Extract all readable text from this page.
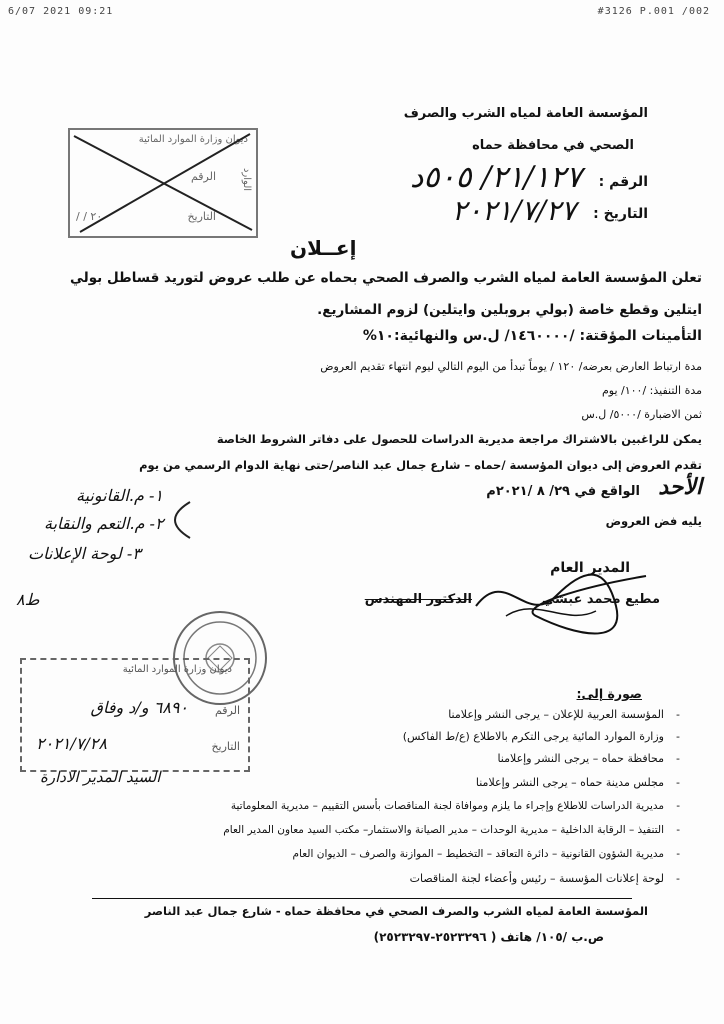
6/07 2021 09:21	#3126 P.001 /002
المؤسسة العامة لمياه الشرب والصرف
الصحي في محافظة حماه
الرقم :
٢١/١٢٧/ ٥٠٥د
التاريخ :
٢٠٢١/٧/٢٧
ديوان وزارة الموارد المائية
الرقم
التاريخ
/ / ٢٠
الوارد
إعــلان
تعلن المؤسسة العامة لمياه الشرب والصرف الصحي بحماه عن طلب عروض لتوريد قساطل بولي
ايتلين وقطع خاصة (بولي بروبلين وايتلين) لزوم المشاريع.
التأمينات المؤقتة: /١٤٦٠٠٠٠/ ل.س والنهائية:١٠%
مدة ارتباط العارض بعرضه/ ١٢٠ / يوماً تبدأ من اليوم التالي ليوم انتهاء تقديم العروض
مدة التنفيذ: /١٠٠/ يوم
ثمن الاضبارة /٥٠٠٠/ ل.س
يمكن للراغبين بالاشتراك مراجعة مديرية الدراسات للحصول على دفاتر الشروط الخاصة
تقدم العروض إلى ديوان المؤسسة /حماه – شارع جمال عبد الناصر/حتى نهاية الدوام الرسمي من يوم
الأحد
الواقع في ٢٩/ ٨ /٢٠٢١م
يليه فض العروض
١- م.القانونية
٢- م.التعم والنقابة
٣- لوحة الإعلانات
ط٨
المدير العام
الدكتور المهندس	مطيع محمد عبشي
ديوان وزارة الموارد المائية
الرقم
٦٨٩٠ و/د وفاق
التاريخ
٢٠٢١/٧/٢٨
السيد المدير الادارة
صورة إلى:
- المؤسسة العربية للإعلان – يرجى النشر وإعلامنا
- وزارة الموارد المائية يرجى التكرم بالاطلاع (ع/ط الفاكس)
- محافظة حماه – يرجى النشر وإعلامنا
- مجلس مدينة حماه – يرجى النشر وإعلامنا
- مديرية الدراسات للاطلاع وإجراء ما يلزم وموافاة لجنة المناقصات بأسس التقييم – مديرية المعلوماتية
- التنفيذ – الرقابة الداخلية – مديرية الوحدات – مدير الصيانة والاستثمار– مكتب السيد معاون المدير العام
- مديرية الشؤون القانونية – دائرة التعاقد – التخطيط – الموازنة والصرف – الديوان العام
- لوحة إعلانات المؤسسة – رئيس وأعضاء لجنة المناقصات
المؤسسة العامة لمياه الشرب والصرف الصحي في محافظة حماه - شارع جمال عبد الناصر
ص.ب /١٠٥/ هاتف ( ٢٥٢٣٢٩٦-٢٥٢٣٢٩٧)
